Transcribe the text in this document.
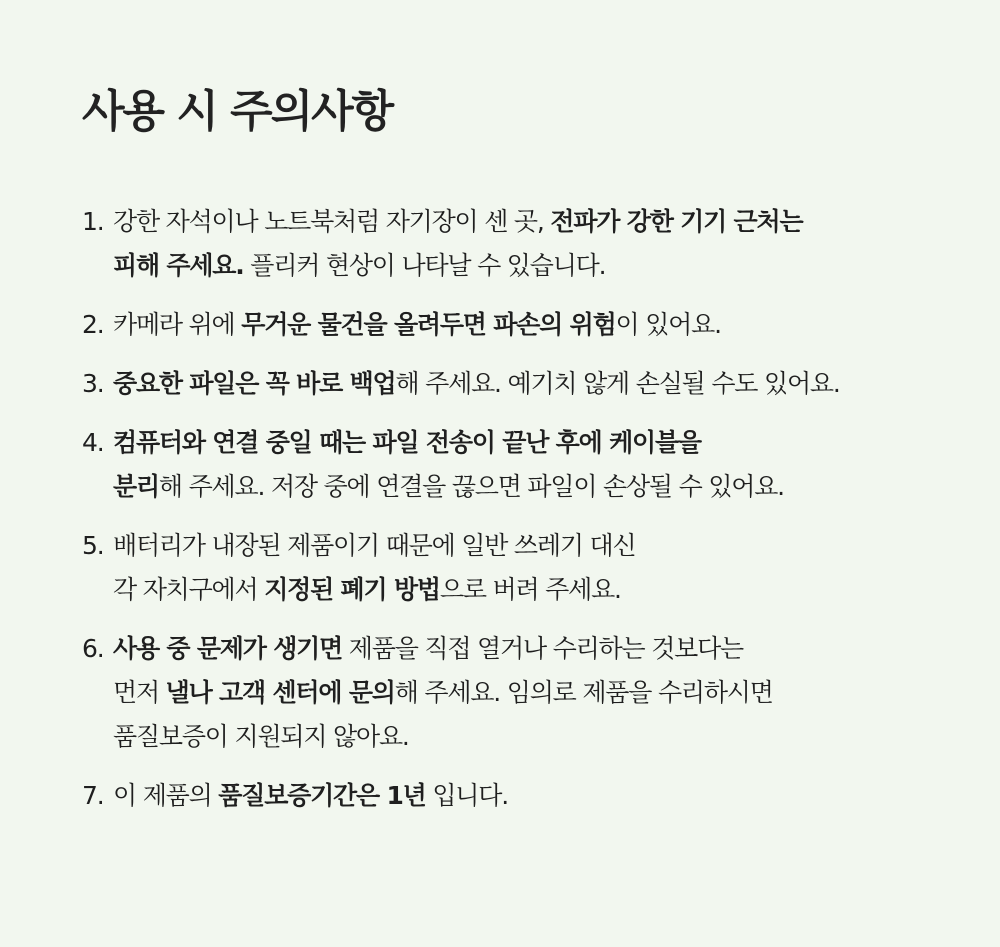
사용 시 주의사항
1. 강한 자석이나 노트북처럼 자기장이 센 곳, 전파가 강한 기기 근처는
피해 주세요. 플리커 현상이 나타날 수 있습니다.
2. 카메라 위에 무거운 물건을 올려두면 파손의 위험이 있어요.
3. 중요한 파일은 꼭 바로 백업해 주세요. 예기치 않게 손실될 수도 있어요.
4. 컴퓨터와 연결 중일 때는 파일 전송이 끝난 후에 케이블을
분리해 주세요. 저장 중에 연결을 끊으면 파일이 손상될 수 있어요.
5. 배터리가 내장된 제품이기 때문에 일반 쓰레기 대신
각 자치구에서 지정된 폐기 방법으로 버려 주세요.
6. 사용 중 문제가 생기면 제품을 직접 열거나 수리하는 것보다는
먼저 낼나 고객 센터에 문의해 주세요. 임의로 제품을 수리하시면
품질보증이 지원되지 않아요.
7. 이 제품의 품질보증기간은 1년 입니다.
